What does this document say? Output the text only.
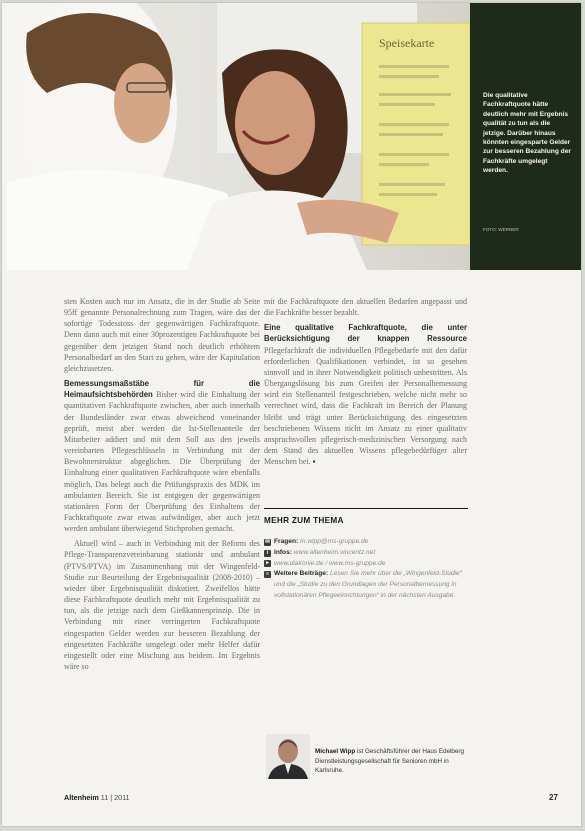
Speisekarte
Die qualitative Fachkraftquote hätte deutlich mehr mit Ergebnis qualität zu tun als die jetzige. Darüber hinaus könnten eingesparte Gelder zur besseren Bezahlung der Fachkräfte umgelegt werden.
FOTO: WERNER

sten Kosten auch nur im Ansatz, die in der Studie ab Seite 95ff genannte Personalrechnung zum Tragen, wäre das der sofortige Todesstoss der gegenwärtigen Fachkraftquote. Denn dann auch mit einer 30prozentigen Fachkraftquote bei gegenüber dem jetzigen Stand noch deutlich erhöhtem Personalbedarf an den Start zu gehen, wäre der Kapitulation gleichzusetzen.

Bemessungsmaßstäbe für die Heimaufsichtsbehörden Bisher wird die Einhaltung der quantitativen Fachkraftquote zwischen, aber auch innerhalb der Bundesländer zwar etwas abweichend voneinander geprüft, meist aber werden die Ist-Stellenanteile der Mitarbeiter addiert und mit dem Soll aus den jeweils vereinbarten Pflegeschlüsseln in Verbindung mit der Bewohnerstruktur abgeglichen. Die Überprüfung der Einhaltung einer qualitativen Fachkraftquote wäre ebenfalls möglich. Das belegt auch die Prüfungspraxis des MDK im ambulanten Bereich. Sie ist entgegen der gegenwärtigen stationären Form der Überprüfung des Einhaltens der Fachkraftquote zwar etwas aufwändiger, aber auch jetzt werden ambulant überwiegend Stichproben gemacht.

Aktuell wird – auch in Verbindung mit der Reform des Pflege-Transparenzvereinbarung stationär und ambulant (PTVS/PTVA) im Zusammenhang mit der Wingenfeld-Studie zur Beurteilung der Ergebnisqualität (2008-2010) – wieder über Ergebnisqualität diskutiert. Zweifellos hätte diese Fachkraftquote deutlich mehr mit Ergebnisqualität zu tun, als die jetzige nach dem Gießkannenprinzip. Die in Verbindung mit einer verringerten Fachkraftquote eingesparten Gelder werden zur besseren Bezahlung der eingesetzten Fachkräfte umgelegt oder mehr Helfer dafür eingestellt oder eine Mischung aus beidem. Im Ergebnis wäre so

mit die Fachkraftquote den aktuellen Bedarfen angepasst und die Fachkräfte besser bezahlt.

Eine qualitative Fachkraftquote, die unter Berücksichtigung der knappen Ressource Pflegefachkraft die individuellen Pflegebedarfe mit den dafür erforderlichen Qualifikationen verbindet, ist so gesehen sinnvoll und in ihrer Notwendigkeit politisch unbestritten. Als Übergangslösung bis zum Greifen der Personalbemessung wird ein Stellenanteil festgeschrieben, welche nicht mehr so verrechnet wird, dass die Fachkraft im Bereich der Planung bleibt und trägt unter Berücksichtigung des eingesetzten beschriebenen Wissens nicht im Ansatz zu einer qualitativ anspruchsvollen pflegerisch-medizinischen Versorgung nach dem Stand des aktuellen Wissens pflegebedürftiger alter Menschen bei. ▪

MEHR ZUM THEMA
✉ Fragen: m.wipp@ms-gruppe.de
i Infos: www.altenheim.vincentz.net
▸ www.diakonie.de / www.ms-gruppe.de
≡ Weitere Beiträge: Lesen Sie mehr über die „Wingenfeld-Studie“ und die „Studie zu den Grundlagen der Personalbemessung in vollstationären Pflegeeinrichtungen“ in der nächsten Ausgabe.
Michael Wipp ist Geschäftsführer der Haus Edelberg Dienstleistungsgesellschaft für Senioren mbH in Karlsruhe.
Altenheim 11 | 2011	27
